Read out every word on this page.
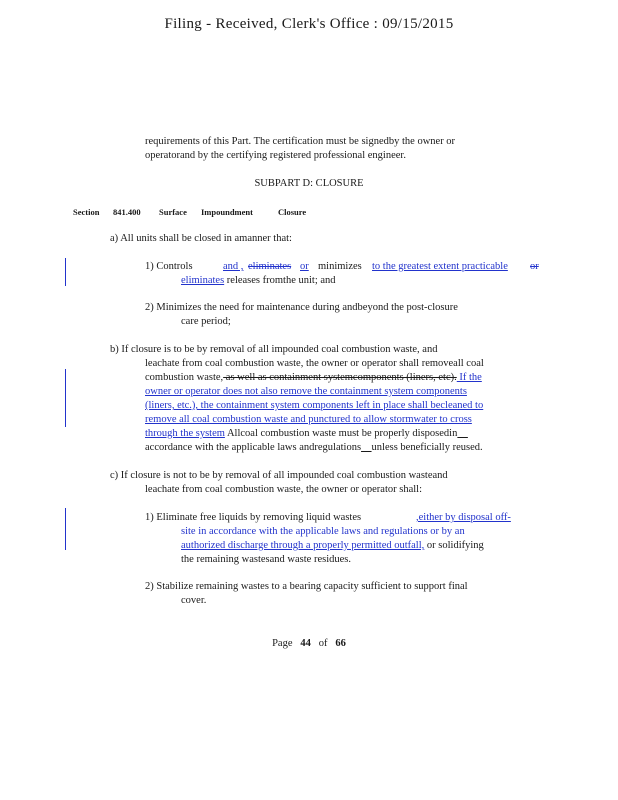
Filing - Received, Clerk's Office : 09/15/2015
requirements of this Part. The certification must be signedby the owner or
operatorand by the certifying registered professional engineer.
SUBPART D: CLOSURE
Section 841.400 Surface Impoundment	Closure
a) All units shall be closed in amanner that:
1) Controls	and , eliminates or minimizes to the greatest extent practicable or
eliminates releases fromthe unit; and
2) Minimizes the need for maintenance during andbeyond the post-closure
care period;
b) If closure is to be by removal of all impounded coal combustion waste, and
leachate from coal combustion waste, the owner or operator shall removeall coal
combustion waste, as well as containment systemcomponents (liners, etc). If the
owner or operator does not also remove the containment system components
(liners, etc.), the containment system components left in place shall becleaned to
remove all coal combustion waste and punctured to allow stormwater to cross
through the system Allcoal combustion waste must be properly disposedin
accordance with the applicable laws andregulations unless beneficially reused.
c) If closure is not to be by removal of all impounded coal combustion wasteand
leachate from coal combustion waste, the owner or operator shall:
1) Eliminate free liquids by removing liquid wastes	,either by disposal off-
site in accordance with the applicable laws and regulations or by an
authorized discharge through a properly permitted outfall, or solidifying
the remaining wastesand waste residues.
2) Stabilize remaining wastes to a bearing capacity sufficient to support final
cover.
Page 44 of 66
